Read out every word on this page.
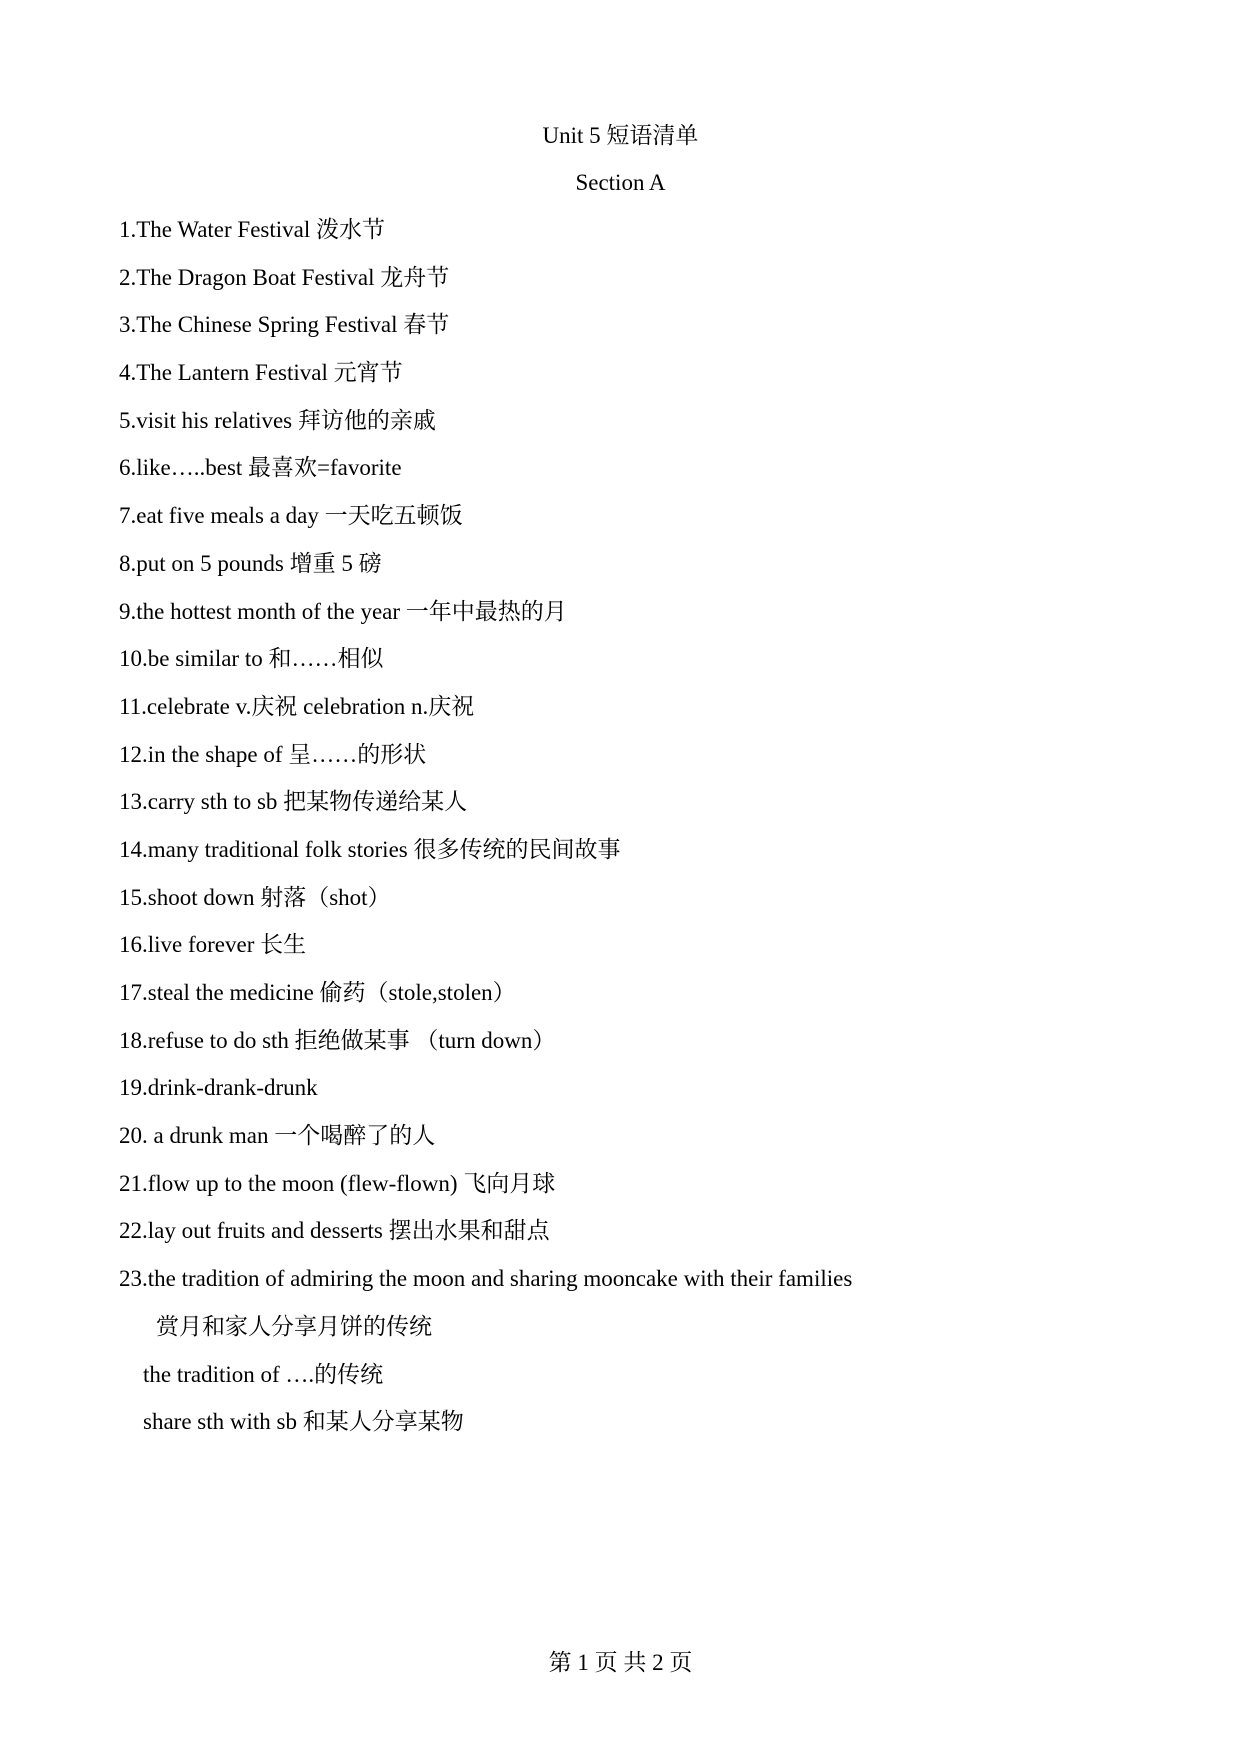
Unit 5 短语清单
Section A
1.The Water Festival 泼水节
2.The Dragon Boat Festival 龙舟节
3.The Chinese Spring Festival 春节
4.The Lantern Festival 元宵节
5.visit his relatives 拜访他的亲戚
6.like…..best 最喜欢=favorite
7.eat five meals a day 一天吃五顿饭
8.put on 5 pounds 增重 5 磅
9.the hottest month of the year 一年中最热的月
10.be similar to 和……相似
11.celebrate v.庆祝 celebration n.庆祝
12.in the shape of 呈……的形状
13.carry sth to sb 把某物传递给某人
14.many traditional folk stories 很多传统的民间故事
15.shoot down 射落（shot）
16.live forever 长生
17.steal the medicine 偷药（stole,stolen）
18.refuse to do sth 拒绝做某事 （turn down）
19.drink-drank-drunk
20. a drunk man 一个喝醉了的人
21.flow up to the moon (flew-flown) 飞向月球
22.lay out fruits and desserts 摆出水果和甜点
23.the tradition of admiring the moon and sharing mooncake with their families
赏月和家人分享月饼的传统
the tradition of ….的传统
share sth with sb 和某人分享某物
第 1 页 共 2 页
